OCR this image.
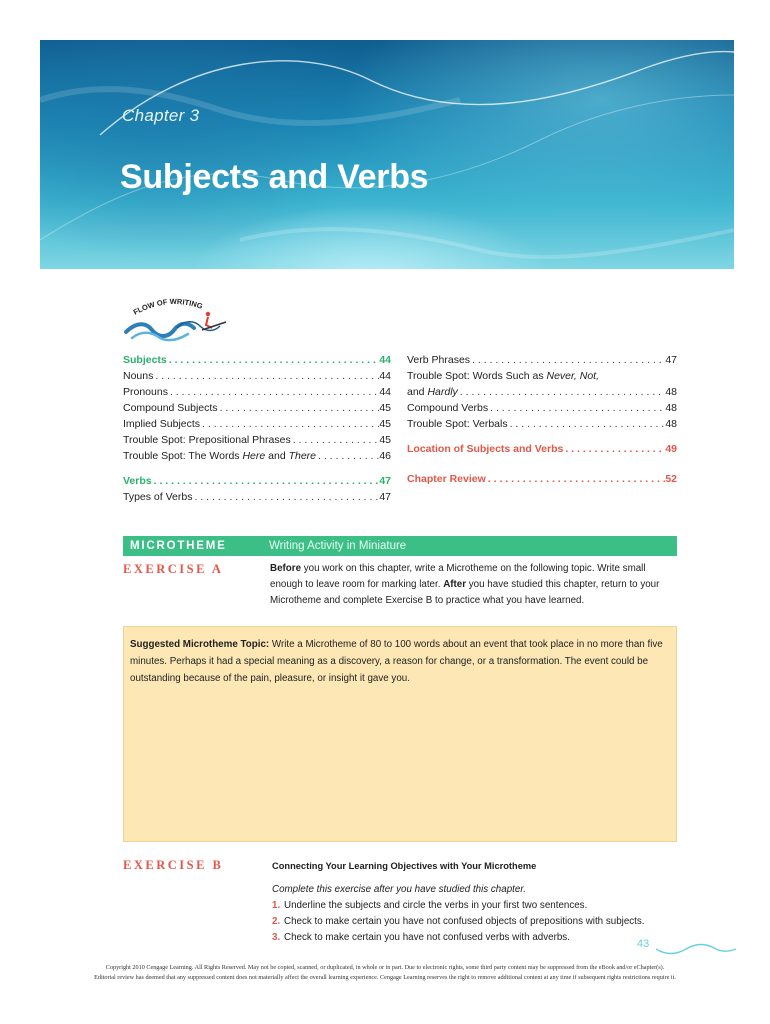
Chapter 3
Subjects and Verbs
FLOW OF WRITING
Subjects . . .	44
Nouns . . .	44
Pronouns . . .	44
Compound Subjects . . .	45
Implied Subjects . . .	45
Trouble Spot: Prepositional Phrases . . .	45
Trouble Spot: The Words Here and There . . .	46
Verbs . . .	47
Types of Verbs . . .	47
Verb Phrases . . .	47
Trouble Spot: Words Such as Never, Not,
and Hardly . . .	48
Compound Verbs . . .	48
Trouble Spot: Verbals . . .	48
Location of Subjects and Verbs . . .	49
Chapter Review . . .	52
MICROTHEME	Writing Activity in Miniature
EXERCISE A	Before you work on this chapter, write a Microtheme on the following topic. Write small enough to leave room for marking later. After you have studied this chapter, return to your Microtheme and complete Exercise B to practice what you have learned.
Suggested Microtheme Topic: Write a Microtheme of 80 to 100 words about an event that took place in no more than five minutes. Perhaps it had a special meaning as a discovery, a reason for change, or a transformation. The event could be outstanding because of the pain, pleasure, or insight it gave you.
EXERCISE B	Connecting Your Learning Objectives with Your Microtheme
Complete this exercise after you have studied this chapter.
1. Underline the subjects and circle the verbs in your first two sentences.
2. Check to make certain you have not confused objects of prepositions with subjects.
3. Check to make certain you have not confused verbs with adverbs.
43
Copyright 2010 Cengage Learning. All Rights Reserved. May not be copied, scanned, or duplicated, in whole or in part. Due to electronic rights, some third party content may be suppressed from the eBook and/or eChapter(s).
Editorial review has deemed that any suppressed content does not materially affect the overall learning experience. Cengage Learning reserves the right to remove additional content at any time if subsequent rights restrictions require it.
